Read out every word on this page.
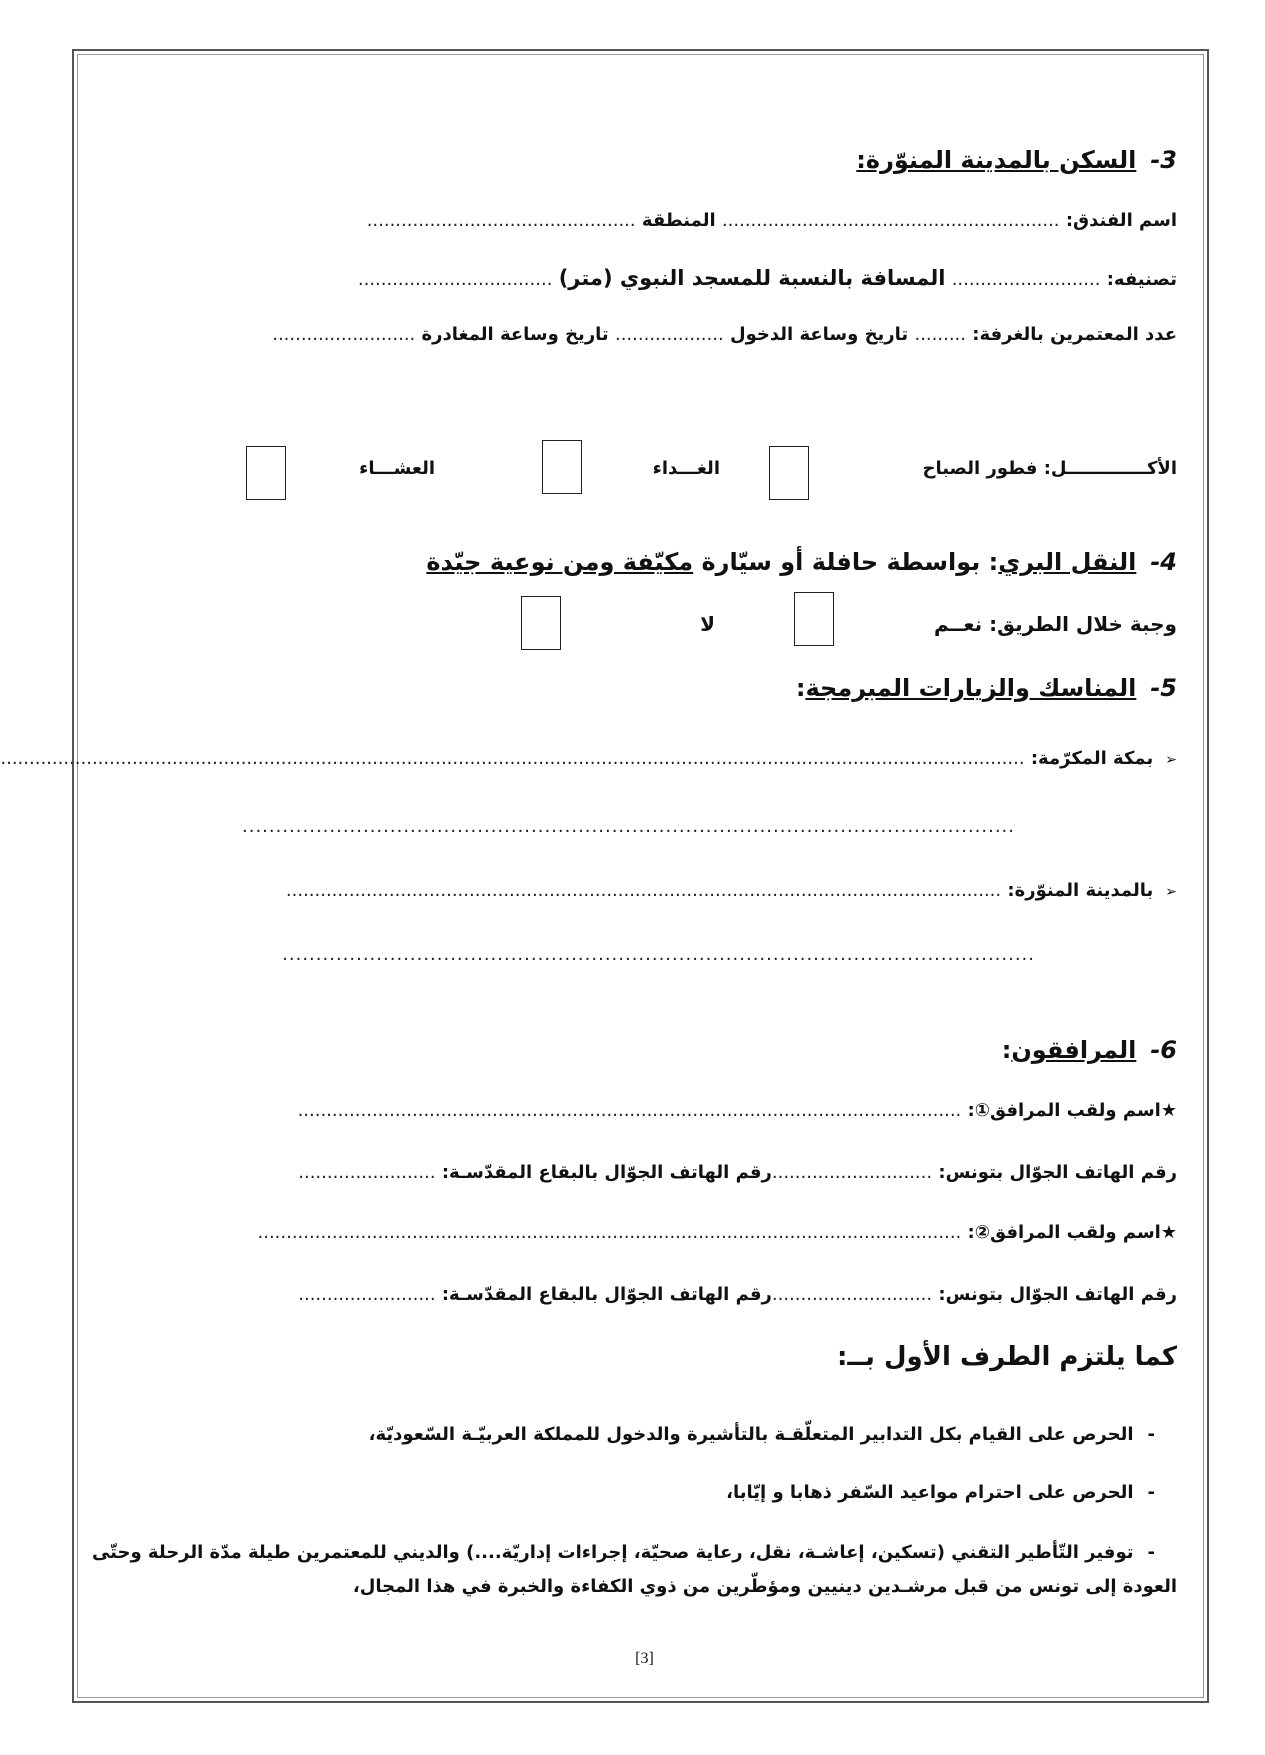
3-السكن بالمدينة المنوّرة:
اسم الفندق: ........................................................... المنطقة ...............................................
تصنيفه: .......................... المسافة بالنسبة للمسجد النبوي (متر) ..................................
عدد المعتمرين بالغرفة: ......... تاريخ وساعة الدخول ................... تاريخ وساعة المغادرة .........................
الأكـــــــــــــل: فطور الصباح
الغـــداء
العشـــاء
4-النقل البري: بواسطة حافلة أو سيّارة مكيّفة ومن نوعية جيّدة
وجبة خلال الطريق: نعــم
لا
5-المناسك والزيارات المبرمجة:
➢بمكة المكرّمة: ...................................................................................................................................................................................
...................................................................................................................
➢بالمدينة المنوّرة: .............................................................................................................................
................................................................................................................
6-المرافقون:
★اسم ولقب المرافق①: ....................................................................................................................
رقم الهاتف الجوّال بتونس: ............................رقم الهاتف الجوّال بالبقاع المقدّسـة: ........................
★اسم ولقب المرافق②: ...........................................................................................................................
رقم الهاتف الجوّال بتونس: ............................رقم الهاتف الجوّال بالبقاع المقدّسـة: ........................
كما يلتزم الطرف الأول بــ:
-الحرص على القيام بكل التدابير المتعلّقـة بالتأشيرة والدخول للمملكة العربيّـة السّعوديّة،
-الحرص على احترام مواعيد السّفر ذهابا و إيّابا،
-توفير التّأطير التقني (تسكين، إعاشـة، نقل، رعاية صحيّة، إجراءات إداريّة....) والديني للمعتمرين طيلة مدّة الرحلة وحتّى العودة إلى تونس من قبل مرشـدين دينيين ومؤطّرين من ذوي الكفاءة والخبرة في هذا المجال،
[3]
